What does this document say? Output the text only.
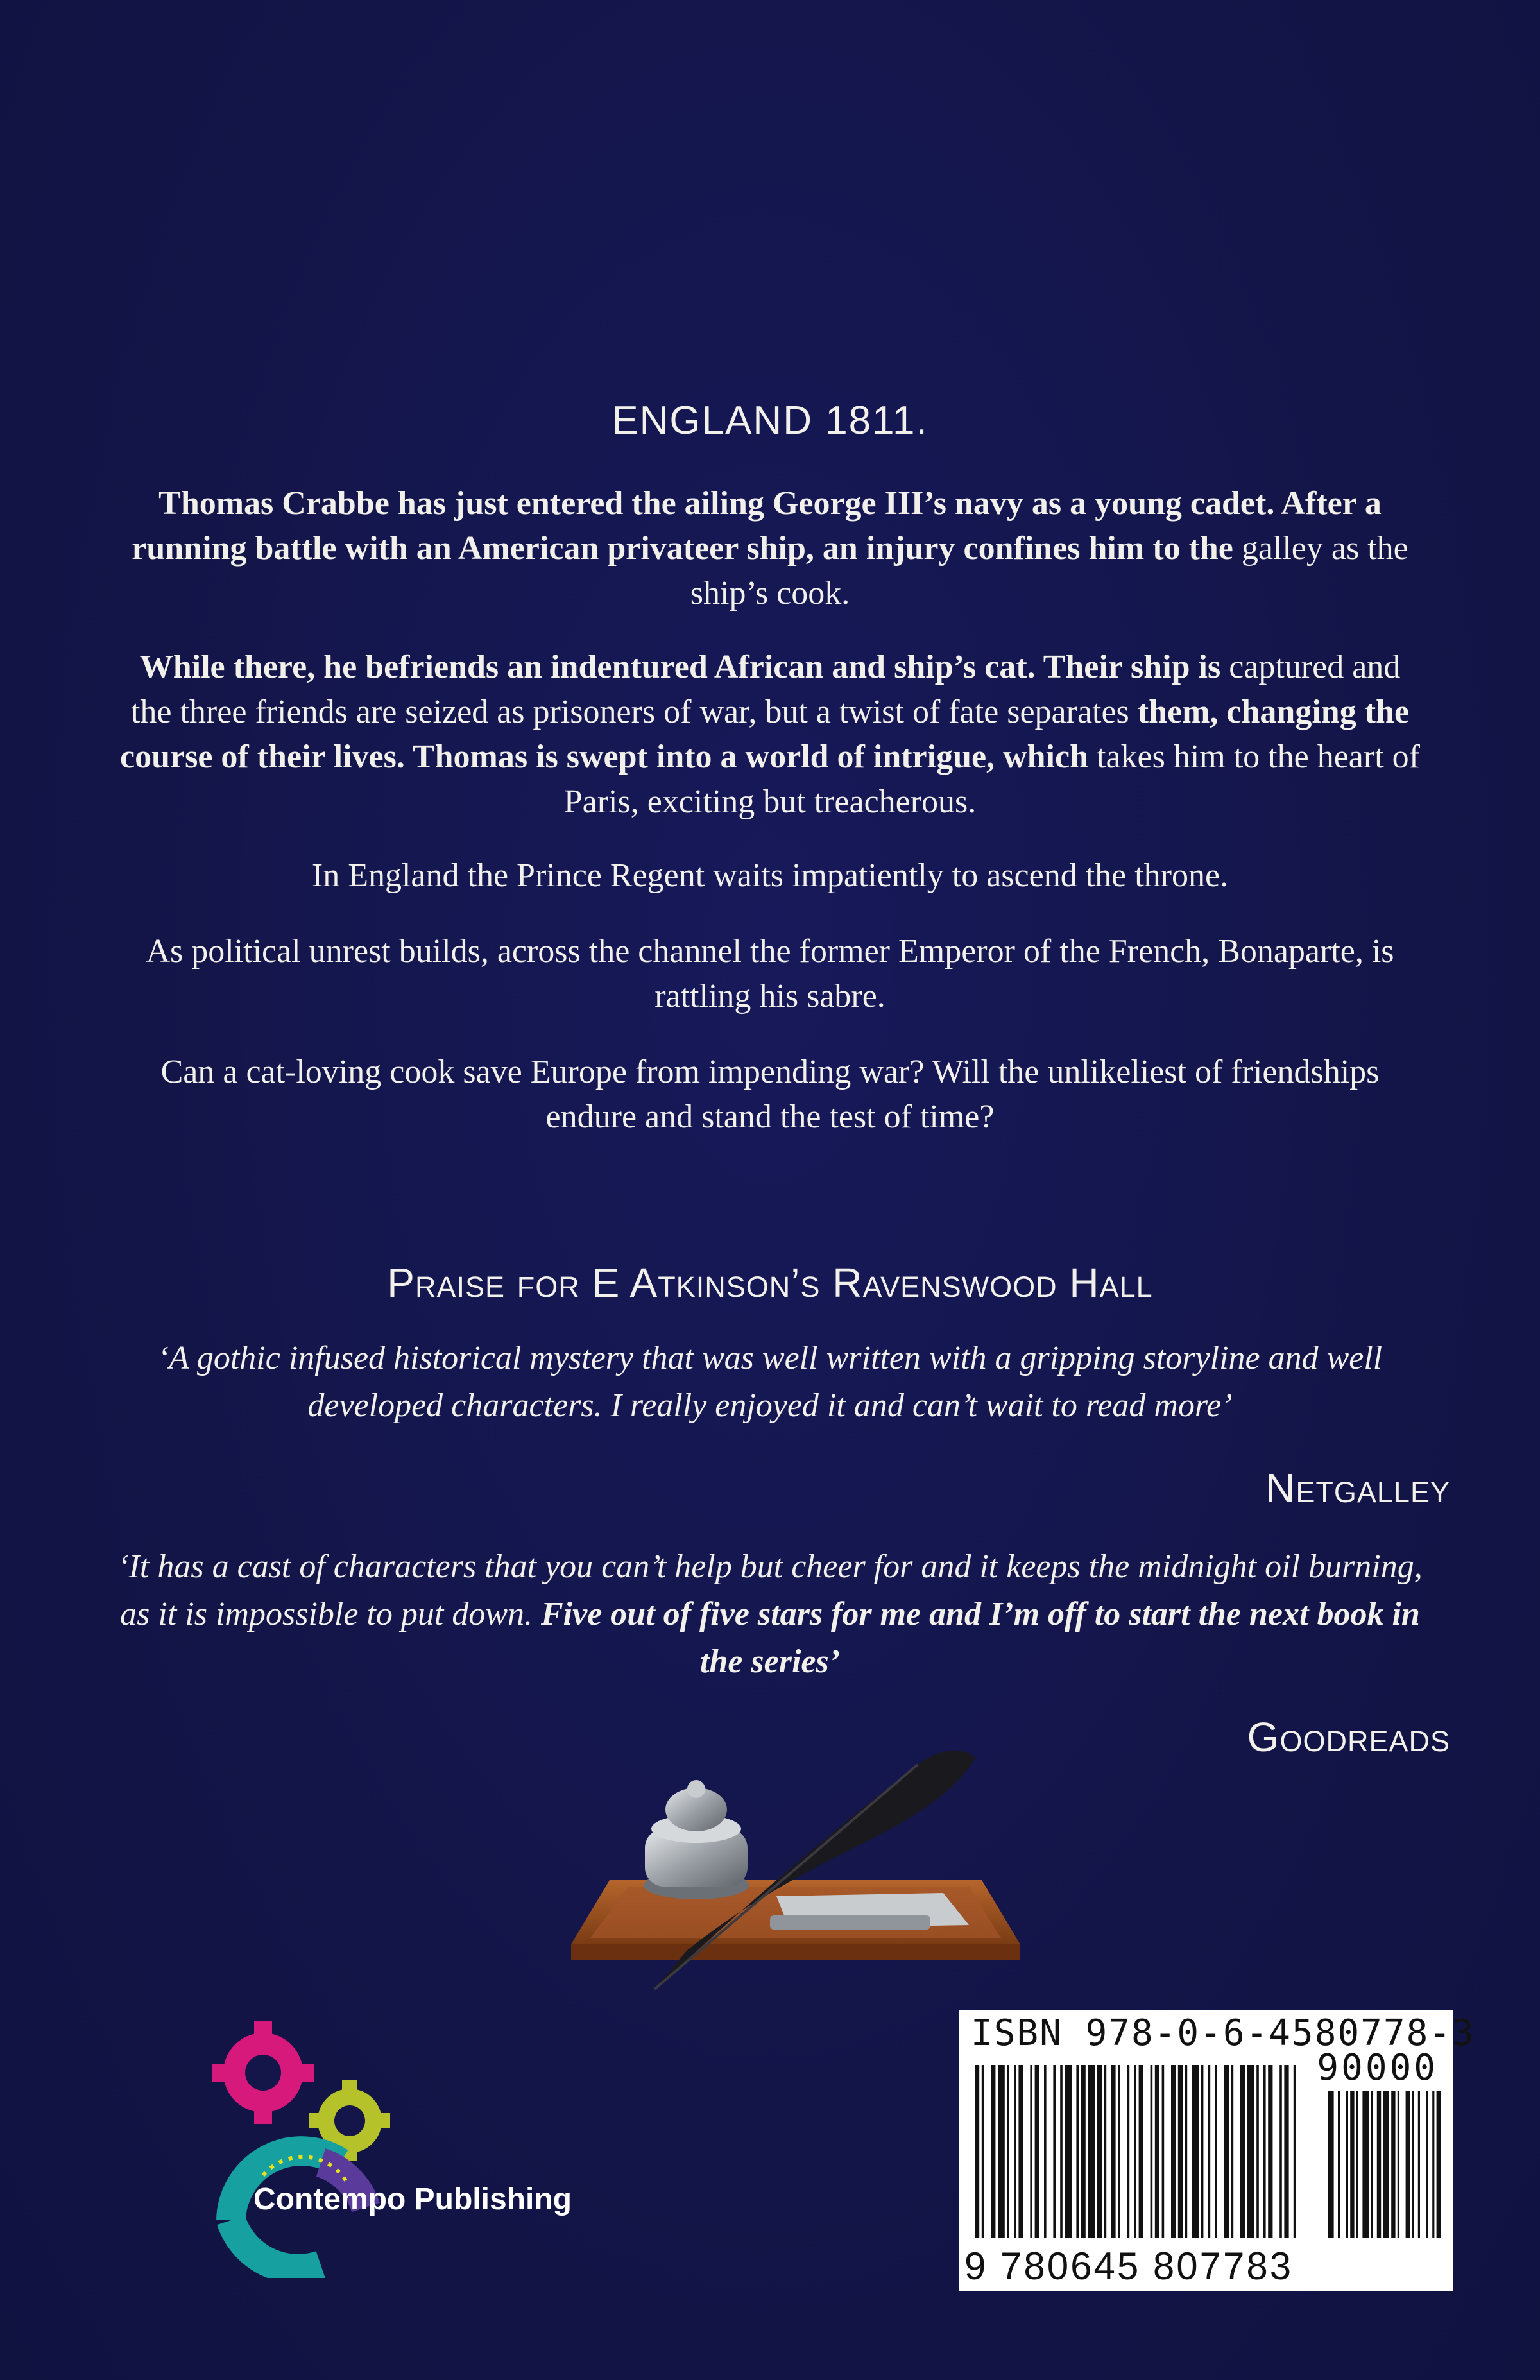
ENGLAND 1811.

Thomas Crabbe has just entered the ailing George III’s navy as a young cadet. After a running battle with an American privateer ship, an injury confines him to the galley as the ship’s cook.

While there, he befriends an indentured African and ship’s cat. Their ship is captured and the three friends are seized as prisoners of war, but a twist of fate separates them, changing the course of their lives. Thomas is swept into a world of intrigue, which takes him to the heart of Paris, exciting but treacherous.

In England the Prince Regent waits impatiently to ascend the throne.

As political unrest builds, across the channel the former Emperor of the French, Bonaparte, is rattling his sabre.

Can a cat-loving cook save Europe from impending war? Will the unlikeliest of friendships endure and stand the test of time?

Praise for E Atkinson’s Ravenswood Hall

‘A gothic infused historical mystery that was well written with a gripping storyline and well developed characters. I really enjoyed it and can’t wait to read more’

Netgalley

‘It has a cast of characters that you can’t help but cheer for and it keeps the midnight oil burning, as it is impossible to put down. Five out of five stars for me and I’m off to start the next book in the series’

Goodreads
Contempo Publishing
ISBN 978-0-6-4580778-3
90000
9 780645 807783
